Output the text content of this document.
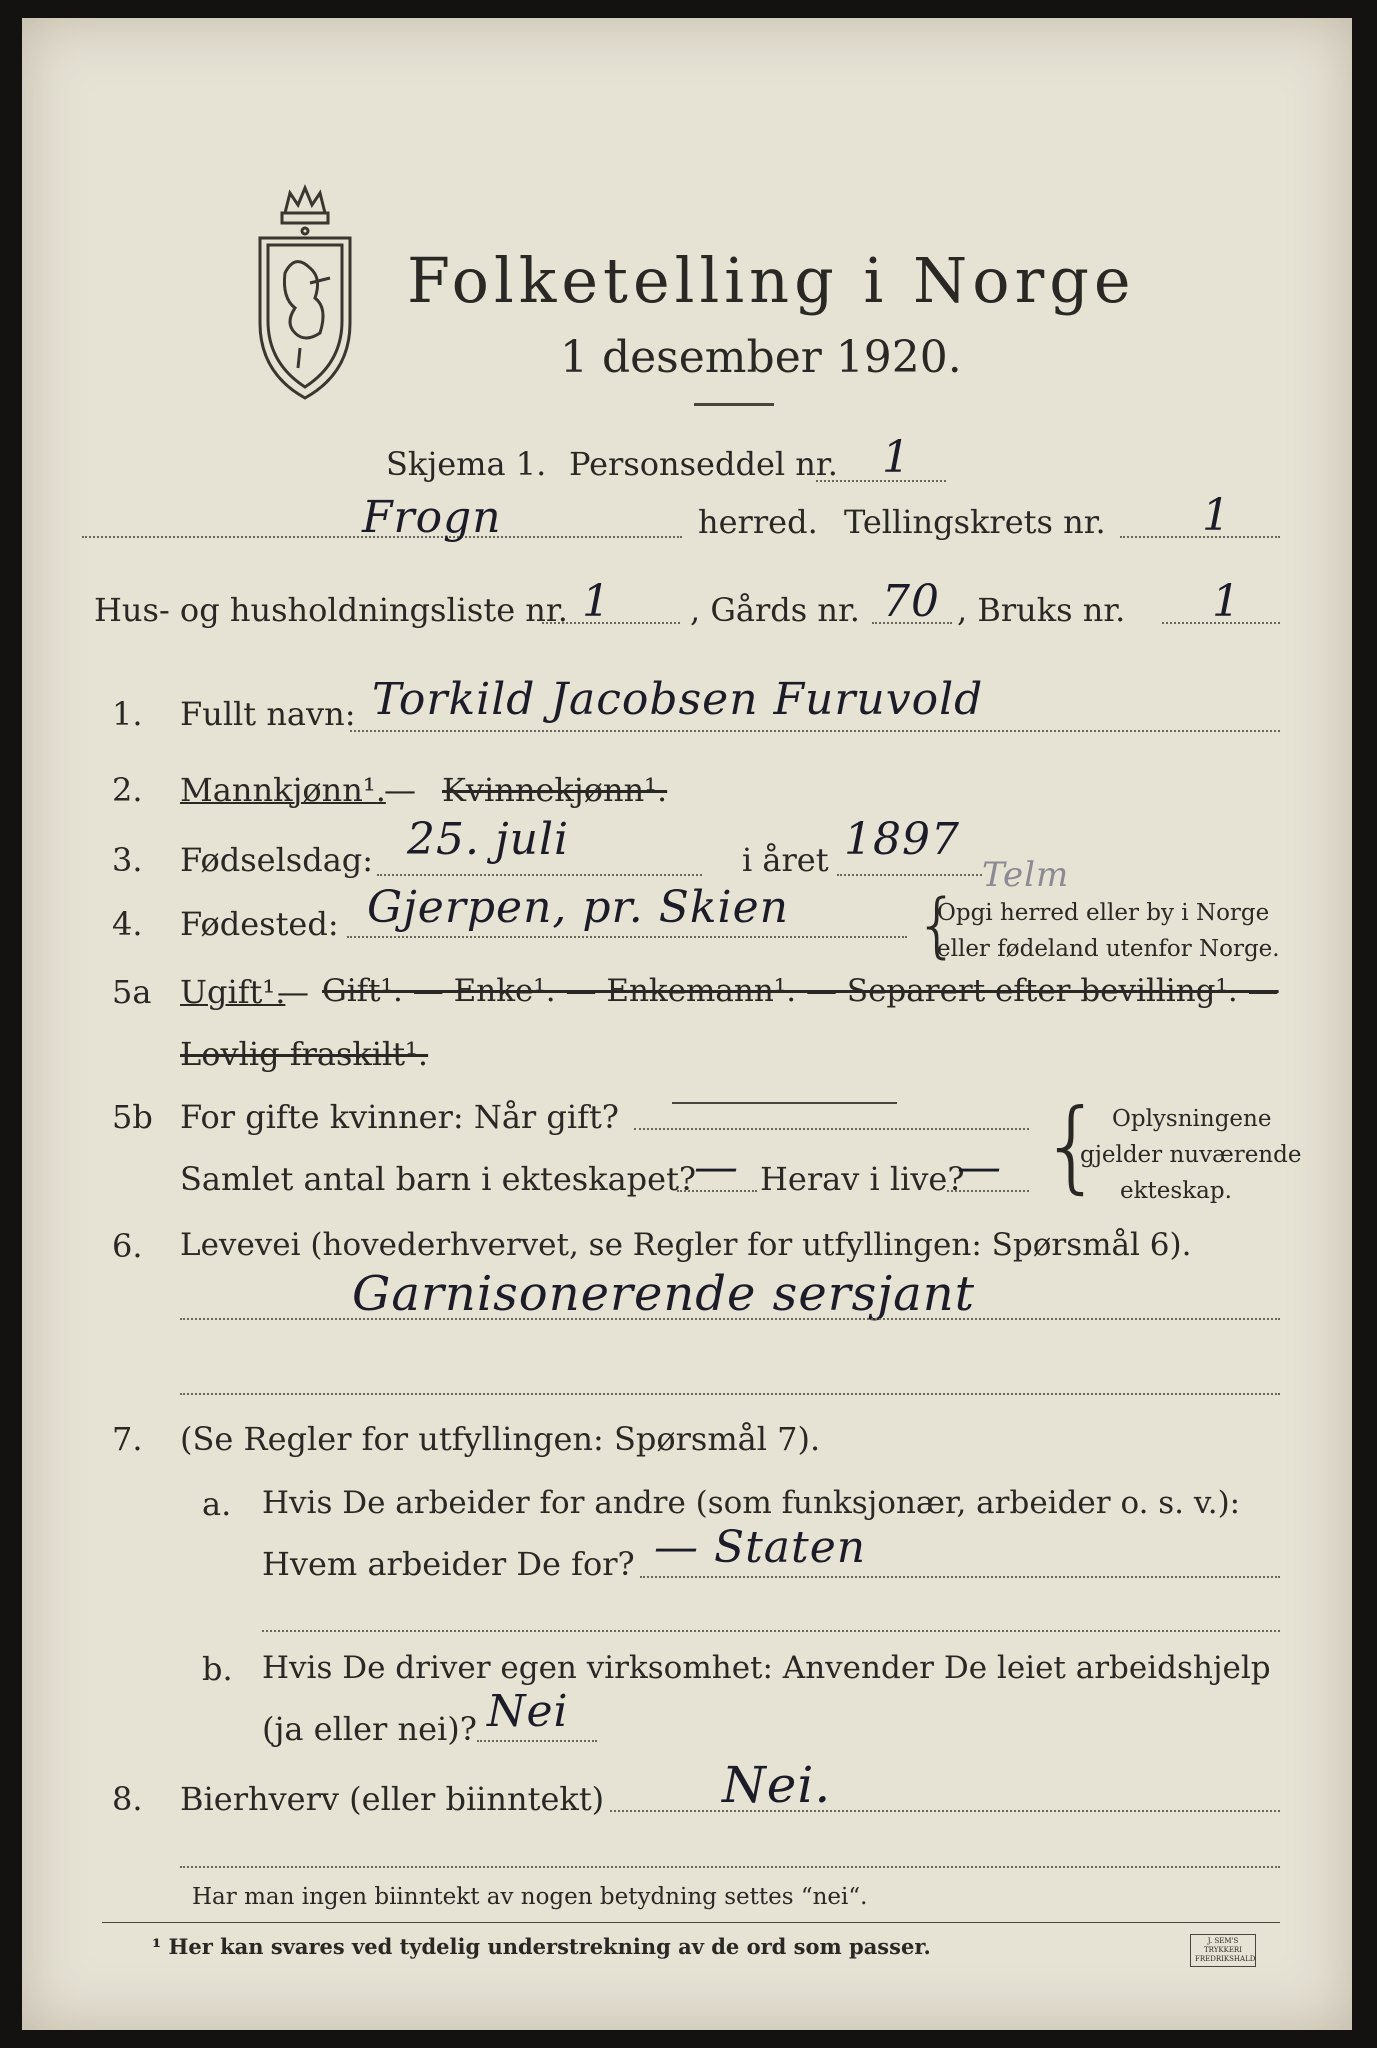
Folketelling i Norge
1 desember 1920.
Skjema 1. Personseddel nr. 1
Frogn	herred. Tellingskrets nr. 1
Hus- og husholdningsliste nr. 1 , Gårds nr. 70 , Bruks nr. 1
1. Fullt navn: Torkild Jacobsen Furuvold
2. Mannkjønn¹.
— Kvinnekjønn¹.
3. Fødselsdag: 25. juli	i året 1897
Telm
4. Fødested: Gjerpen, pr. Skien {
Opgi herred eller by i Norge
eller fødeland utenfor Norge.
5a Ugift¹.
— Gift¹. — Enke¹. — Enkemann¹. — Separert efter bevilling¹. —
Lovlig fraskilt¹.
5b For gifte kvinner: Når gift?
Samlet antal barn i ekteskapet?
— Herav i live?
— { Oplysningene
gjelder nuværende
ekteskap.
6. Levevei (hovederhvervet, se Regler for utfyllingen: Spørsmål 6).
Garnisonerende sersjant
7. (Se Regler for utfyllingen: Spørsmål 7).
a. Hvis De arbeider for andre (som funksjonær, arbeider o. s. v.):
Hvem arbeider De for? — Staten
b. Hvis De driver egen virksomhet: Anvender De leiet arbeidshjelp
(ja eller nei)? Nei
8. Bierhverv (eller biinntekt) Nei.
Har man ingen biinntekt av nogen betydning settes “nei“.
¹ Her kan svares ved tydelig understrekning av de ord som passer.	J. SEM'S TRYKKERI FREDRIKSHALD
